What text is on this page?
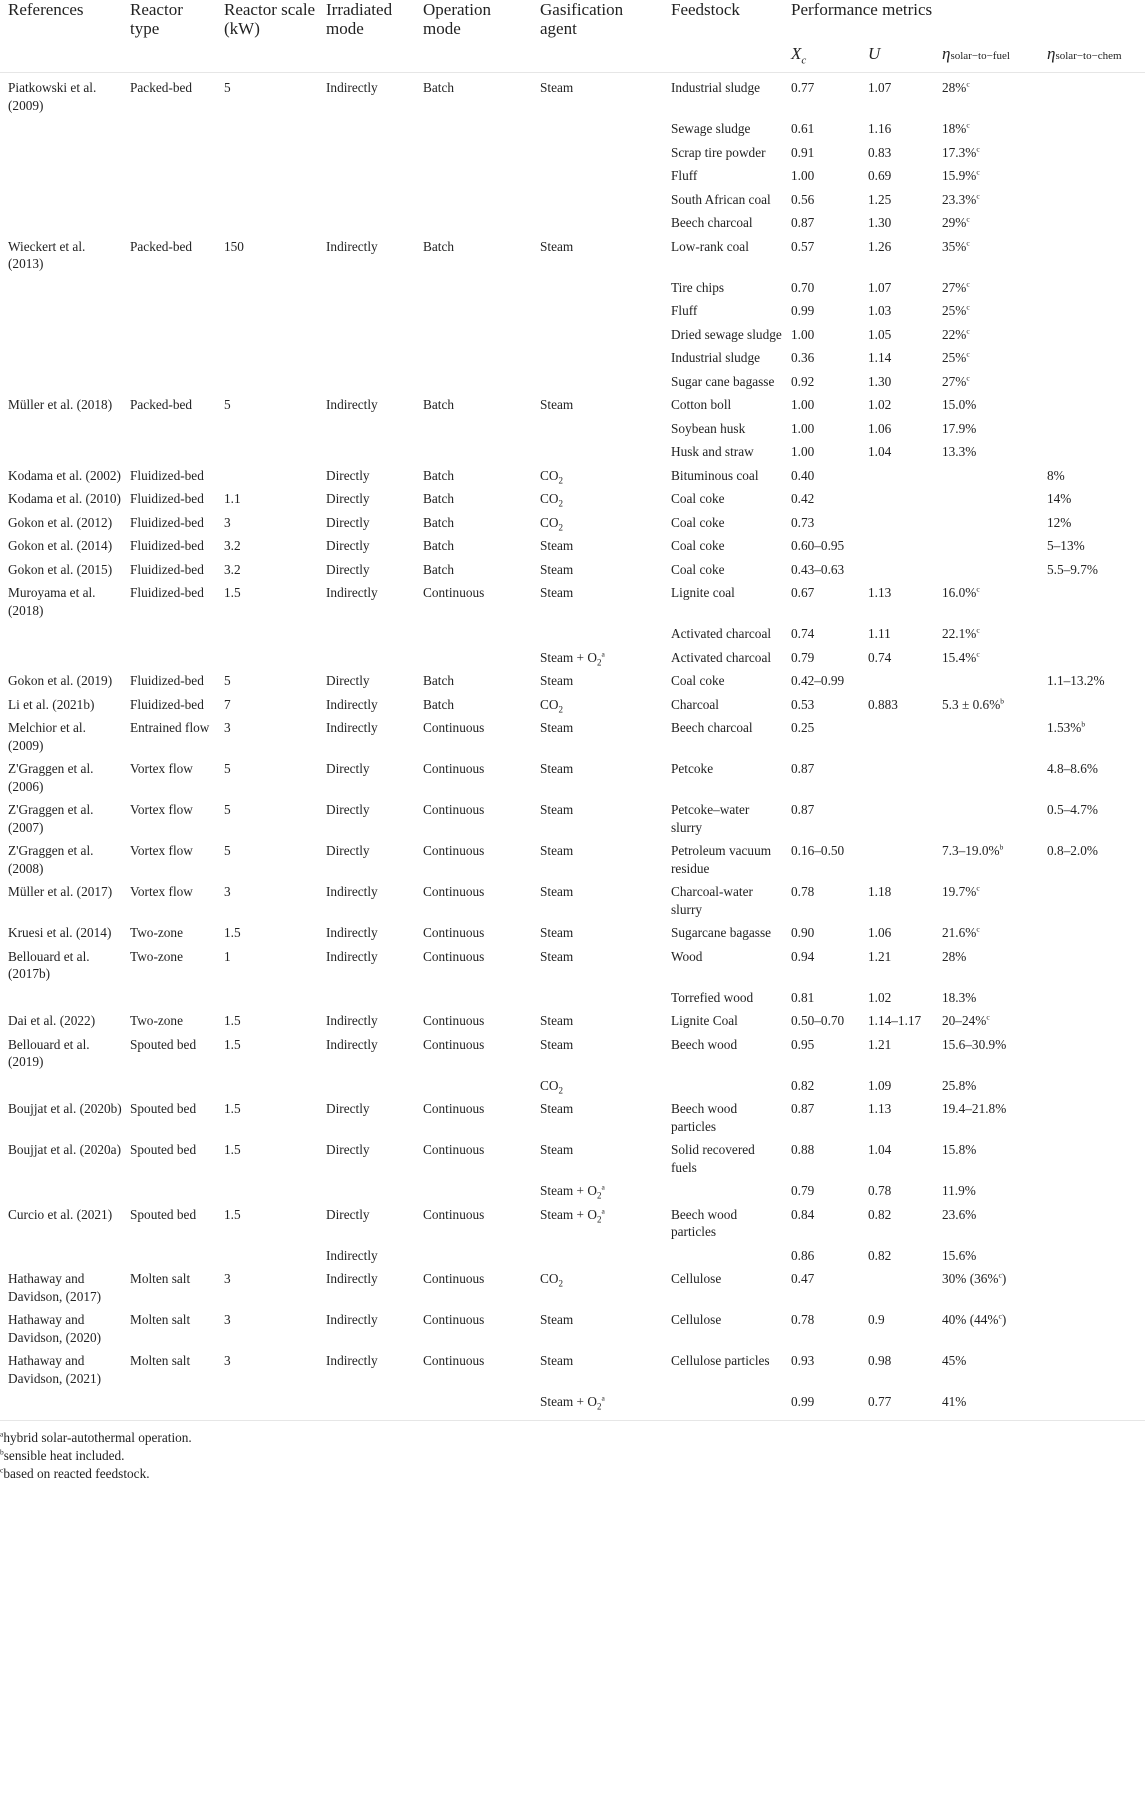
References	Reactor type	Reactor scale (kW)	Irradiated mode	Operation mode	Gasification agent	Feedstock	Performance metrics			
							$X_c$	U	ηsolar−to−fuel	ηsolar−to−chem
Piatkowski et al. (2009)	Packed-bed	5	Indirectly	Batch	Steam	Industrial sludge	0.77	1.07	28%$^c$	
						Sewage sludge	0.61	1.16	18%$^c$	
						Scrap tire powder	0.91	0.83	17.3%$^c$	
						Fluff	1.00	0.69	15.9%$^c$	
						South African coal	0.56	1.25	23.3%$^c$	
						Beech charcoal	0.87	1.30	29%$^c$	
Wieckert et al. (2013)	Packed-bed	150	Indirectly	Batch	Steam	Low-rank coal	0.57	1.26	35%$^c$	
						Tire chips	0.70	1.07	27%$^c$	
						Fluff	0.99	1.03	25%$^c$	
						Dried sewage sludge	1.00	1.05	22%$^c$	
						Industrial sludge	0.36	1.14	25%$^c$	
						Sugar cane bagasse	0.92	1.30	27%$^c$	
Müller et al. (2018)	Packed-bed	5	Indirectly	Batch	Steam	Cotton boll	1.00	1.02	15.0%	
						Soybean husk	1.00	1.06	17.9%	
						Husk and straw	1.00	1.04	13.3%	
Kodama et al. (2002)	Fluidized-bed		Directly	Batch	$CO_2$	Bituminous coal	0.40			8%
Kodama et al. (2010)	Fluidized-bed	1.1	Directly	Batch	$CO_2$	Coal coke	0.42			14%
Gokon et al. (2012)	Fluidized-bed	3	Directly	Batch	$CO_2$	Coal coke	0.73			12%
Gokon et al. (2014)	Fluidized-bed	3.2	Directly	Batch	Steam	Coal coke	0.60–0.95			5–13%
Gokon et al. (2015)	Fluidized-bed	3.2	Directly	Batch	Steam	Coal coke	0.43–0.63			5.5–9.7%
Muroyama et al. (2018)	Fluidized-bed	1.5	Indirectly	Continuous	Steam	Lignite coal	0.67	1.13	16.0%$^c$	
						Activated charcoal	0.74	1.11	22.1%$^c$	
					Steam + $O_2^a$	Activated charcoal	0.79	0.74	15.4%$^c$	
Gokon et al. (2019)	Fluidized-bed	5	Directly	Batch	Steam	Coal coke	0.42–0.99			1.1–13.2%
Li et al. (2021b)	Fluidized-bed	7	Indirectly	Batch	$CO_2$	Charcoal	0.53	0.883	5.3 ± 0.6%$^b$	
Melchior et al. (2009)	Entrained flow	3	Indirectly	Continuous	Steam	Beech charcoal	0.25			1.53%$^b$
Z'Graggen et al. (2006)	Vortex flow	5	Directly	Continuous	Steam	Petcoke	0.87			4.8–8.6%
Z'Graggen et al. (2007)	Vortex flow	5	Directly	Continuous	Steam	Petcoke–water slurry	0.87			0.5–4.7%
Z'Graggen et al. (2008)	Vortex flow	5	Directly	Continuous	Steam	Petroleum vacuum residue	0.16–0.50		7.3–19.0%$^b$	0.8–2.0%
Müller et al. (2017)	Vortex flow	3	Indirectly	Continuous	Steam	Charcoal-water slurry	0.78	1.18	19.7%$^c$	
Kruesi et al. (2014)	Two-zone	1.5	Indirectly	Continuous	Steam	Sugarcane bagasse	0.90	1.06	21.6%$^c$	
Bellouard et al. (2017b)	Two-zone	1	Indirectly	Continuous	Steam	Wood	0.94	1.21	28%	
						Torrefied wood	0.81	1.02	18.3%	
Dai et al. (2022)	Two-zone	1.5	Indirectly	Continuous	Steam	Lignite Coal	0.50–0.70	1.14–1.17	20–24%$^c$	
Bellouard et al. (2019)	Spouted bed	1.5	Indirectly	Continuous	Steam	Beech wood	0.95	1.21	15.6–30.9%	
					$CO_2$		0.82	1.09	25.8%	
Boujjat et al. (2020b)	Spouted bed	1.5	Directly	Continuous	Steam	Beech wood particles	0.87	1.13	19.4–21.8%	
Boujjat et al. (2020a)	Spouted bed	1.5	Directly	Continuous	Steam	Solid recovered fuels	0.88	1.04	15.8%	
					Steam + $O_2^a$		0.79	0.78	11.9%	
Curcio et al. (2021)	Spouted bed	1.5	Directly	Continuous	Steam + $O_2^a$	Beech wood particles	0.84	0.82	23.6%	
			Indirectly				0.86	0.82	15.6%	
Hathaway and Davidson, (2017)	Molten salt	3	Indirectly	Continuous	$CO_2$	Cellulose	0.47		30% (36%$^c$)	
Hathaway and Davidson, (2020)	Molten salt	3	Indirectly	Continuous	Steam	Cellulose	0.78	0.9	40% (44%$^c$)	
Hathaway and Davidson, (2021)	Molten salt	3	Indirectly	Continuous	Steam	Cellulose particles	0.93	0.98	45%	
					Steam + $O_2^a$		0.99	0.77	41%	
$^a$hybrid solar-autothermal operation.
$^b$sensible heat included.
$^c$based on reacted feedstock.
